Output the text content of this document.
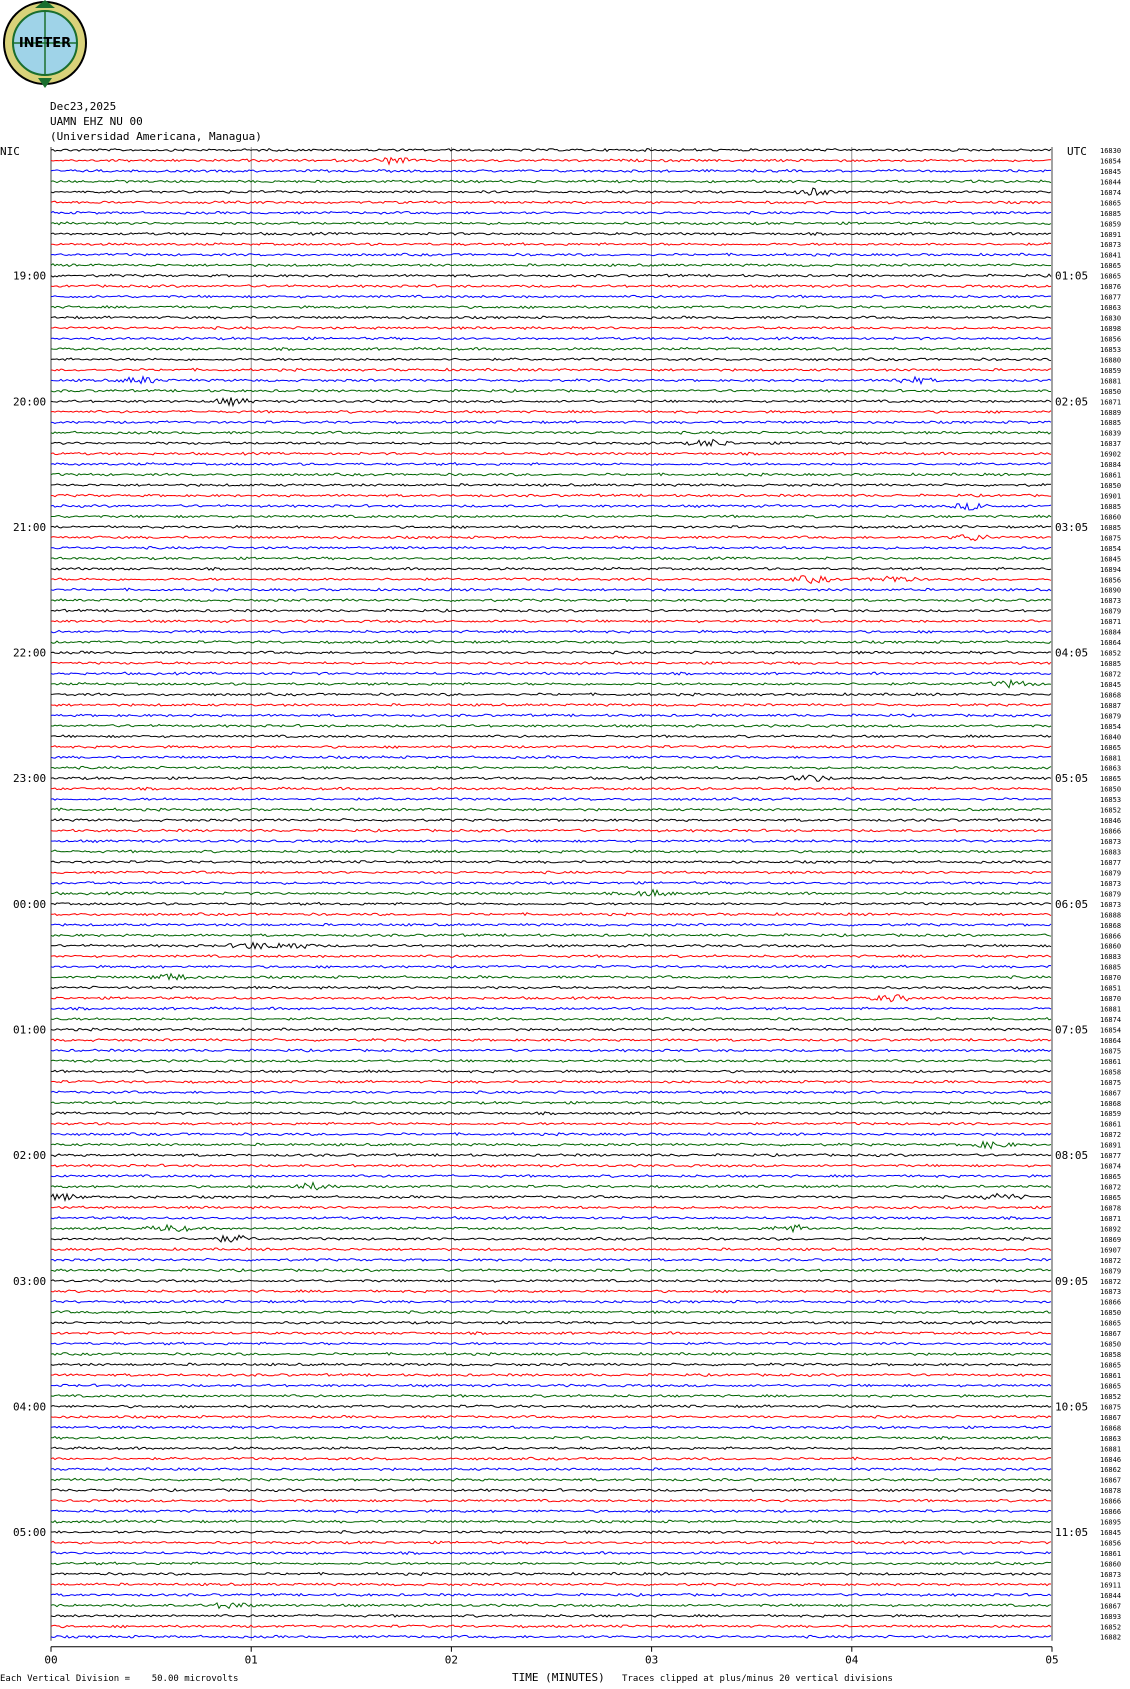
00	01	02	03	04	05
16830
16854
16845
16844
16874
16865
16885
16859
16891
16873
16841
16865
16865
16876
16877
16863
16830
16898
16856
16853
16880
16859
16881
16850
16871
16889
16885
16839
16837
16902
16884
16861
16850
16901
16885
16860
16885
16875
16854
16845
16894
16856
16890
16873
16879
16871
16884
16864
16852
16885
16872
16845
16868
16887
16879
16854
16840
16865
16881
16863
16865
16850
16853
16852
16846
16866
16873
16883
16877
16879
16873
16879
16873
16888
16868
16866
16860
16883
16885
16870
16851
16870
16881
16874
16854
16864
16875
16861
16858
16875
16867
16868
16859
16861
16872
16891
16877
16874
16865
16872
16865
16878
16871
16892
16869
16907
16872
16879
16872
16873
16866
16850
16865
16867
16850
16858
16865
16861
16865
16852
16875
16867
16868
16863
16881
16846
16862
16867
16878
16866
16866
16895
16845
16856
16861
16860
16873
16911
16844
16867
16893
16852
16882
19:00	01:05
20:00	02:05
21:00	03:05
22:00	04:05
23:00	05:05
00:00	06:05
01:00	07:05
02:00	08:05
03:00	09:05
04:00	10:05
05:00	11:05
INETER
Dec23,2025
UAMN EHZ NU 00
(Universidad Americana, Managua)
NIC	UTC
Each Vertical Division =    50.00 microvolts	TIME (MINUTES) Traces clipped at plus/minus 20 vertical divisions
